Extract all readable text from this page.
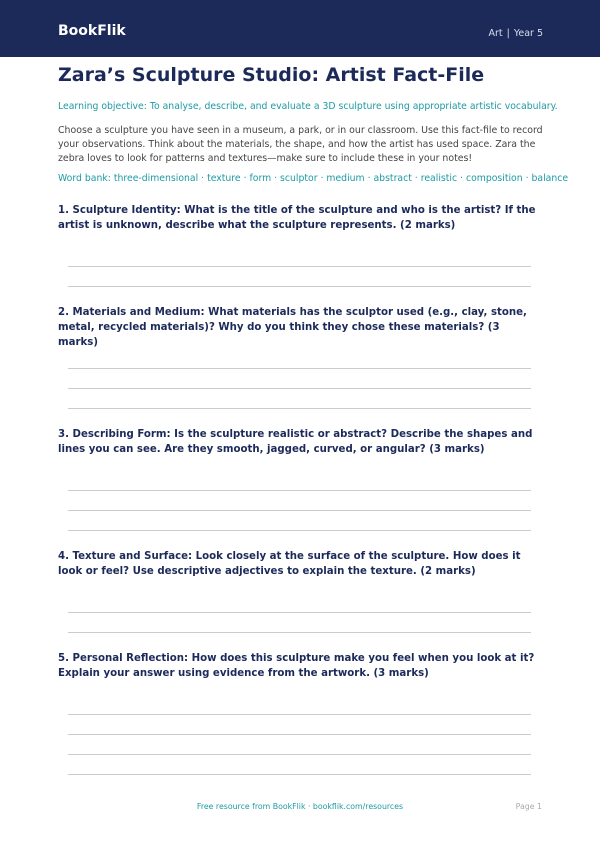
BookFlik	Art | Year 5
Zara’s Sculpture Studio: Artist Fact-File
Learning objective: To analyse, describe, and evaluate a 3D sculpture using appropriate artistic vocabulary.
Choose a sculpture you have seen in a museum, a park, or in our classroom. Use this fact-file to record your observations. Think about the materials, the shape, and how the artist has used space. Zara the zebra loves to look for patterns and textures—make sure to include these in your notes!
Word bank: three-dimensional · texture · form · sculptor · medium · abstract · realistic · composition · balance
1. Sculpture Identity: What is the title of the sculpture and who is the artist? If the artist is unknown, describe what the sculpture represents. (2 marks)
2. Materials and Medium: What materials has the sculptor used (e.g., clay, stone, metal, recycled materials)? Why do you think they chose these materials? (3 marks)
3. Describing Form: Is the sculpture realistic or abstract? Describe the shapes and lines you can see. Are they smooth, jagged, curved, or angular? (3 marks)
4. Texture and Surface: Look closely at the surface of the sculpture. How does it look or feel? Use descriptive adjectives to explain the texture. (2 marks)
5. Personal Reflection: How does this sculpture make you feel when you look at it? Explain your answer using evidence from the artwork. (3 marks)
Free resource from BookFlik · bookflik.com/resources	Page 1
